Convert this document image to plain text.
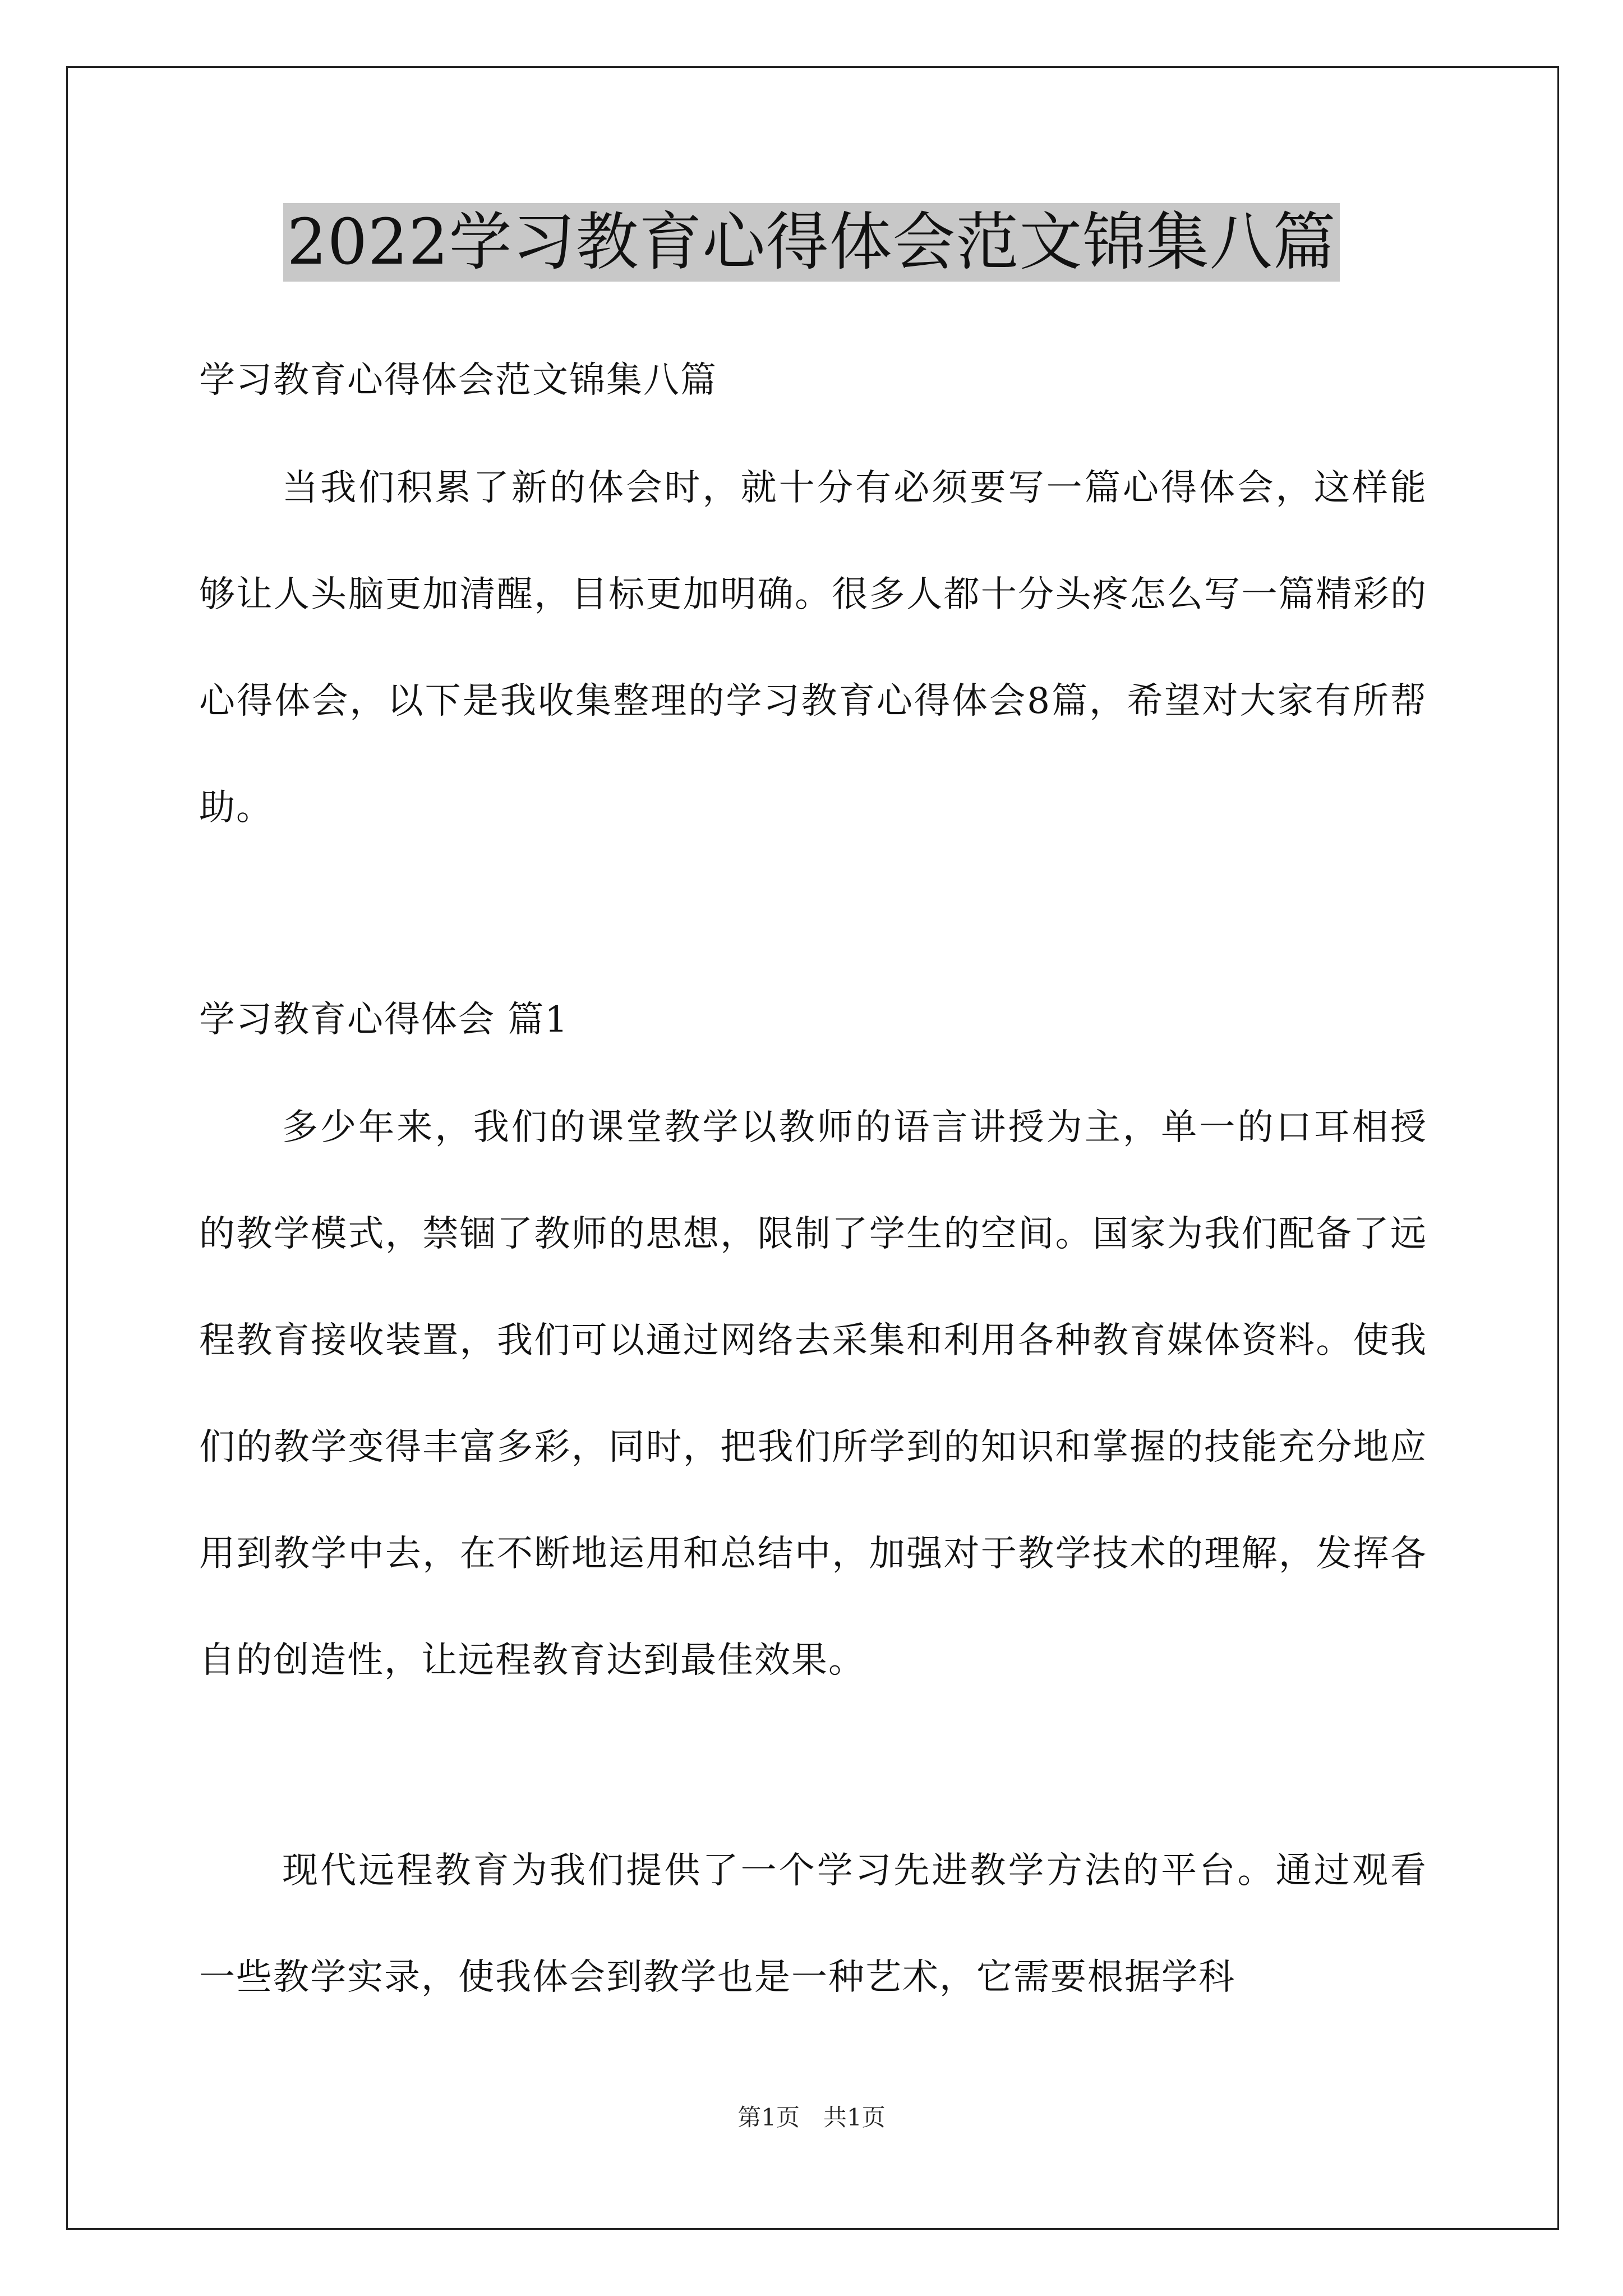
2022学习教育心得体会范文锦集八篇

学习教育心得体会范文锦集八篇

当我们积累了新的体会时，就十分有必须要写一篇心得体会，这样能够让人头脑更加清醒，目标更加明确。很多人都十分头疼怎么写一篇精彩的心得体会，以下是我收集整理的学习教育心得体会8篇，希望对大家有所帮助。

学习教育心得体会 篇1

多少年来，我们的课堂教学以教师的语言讲授为主，单一的口耳相授的教学模式，禁锢了教师的思想，限制了学生的空间。国家为我们配备了远程教育接收装置，我们可以通过网络去采集和利用各种教育媒体资料。使我们的教学变得丰富多彩，同时，把我们所学到的知识和掌握的技能充分地应用到教学中去，在不断地运用和总结中，加强对于教学技术的理解，发挥各自的创造性，让远程教育达到最佳效果。

现代远程教育为我们提供了一个学习先进教学方法的平台。通过观看一些教学实录，使我体会到教学也是一种艺术，它需要根据学科

第1页　共1页
